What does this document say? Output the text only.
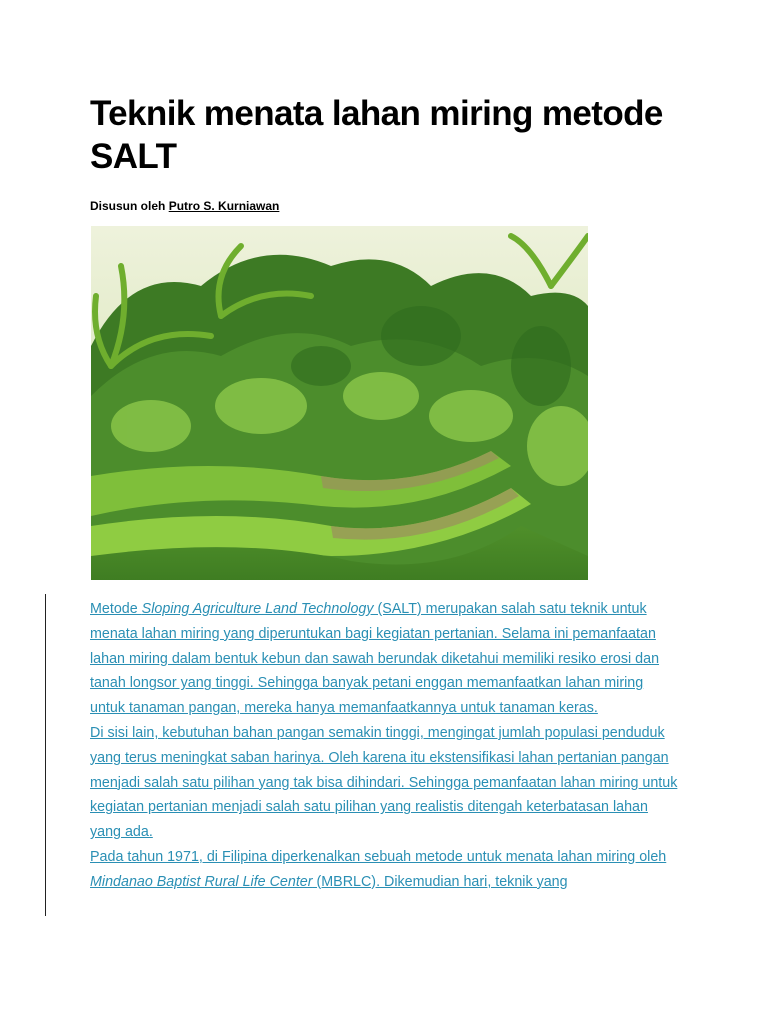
Teknik menata lahan miring metode SALT
Disusun oleh Putro S. Kurniawan

Metode Sloping Agriculture Land Technology (SALT) merupakan salah satu teknik untuk menata lahan miring yang diperuntukan bagi kegiatan pertanian. Selama ini pemanfaatan lahan miring dalam bentuk kebun dan sawah berundak diketahui memiliki resiko erosi dan tanah longsor yang tinggi. Sehingga banyak petani enggan memanfaatkan lahan miring untuk tanaman pangan, mereka hanya memanfaatkannya untuk tanaman keras.

Di sisi lain, kebutuhan bahan pangan semakin tinggi, mengingat jumlah populasi penduduk yang terus meningkat saban harinya. Oleh karena itu ekstensifikasi lahan pertanian pangan menjadi salah satu pilihan yang tak bisa dihindari. Sehingga pemanfaatan lahan miring untuk kegiatan pertanian menjadi salah satu pilihan yang realistis ditengah keterbatasan lahan yang ada.

Pada tahun 1971, di Filipina diperkenalkan sebuah metode untuk menata lahan miring oleh Mindanao Baptist Rural Life Center (MBRLC). Dikemudian hari, teknik yang
